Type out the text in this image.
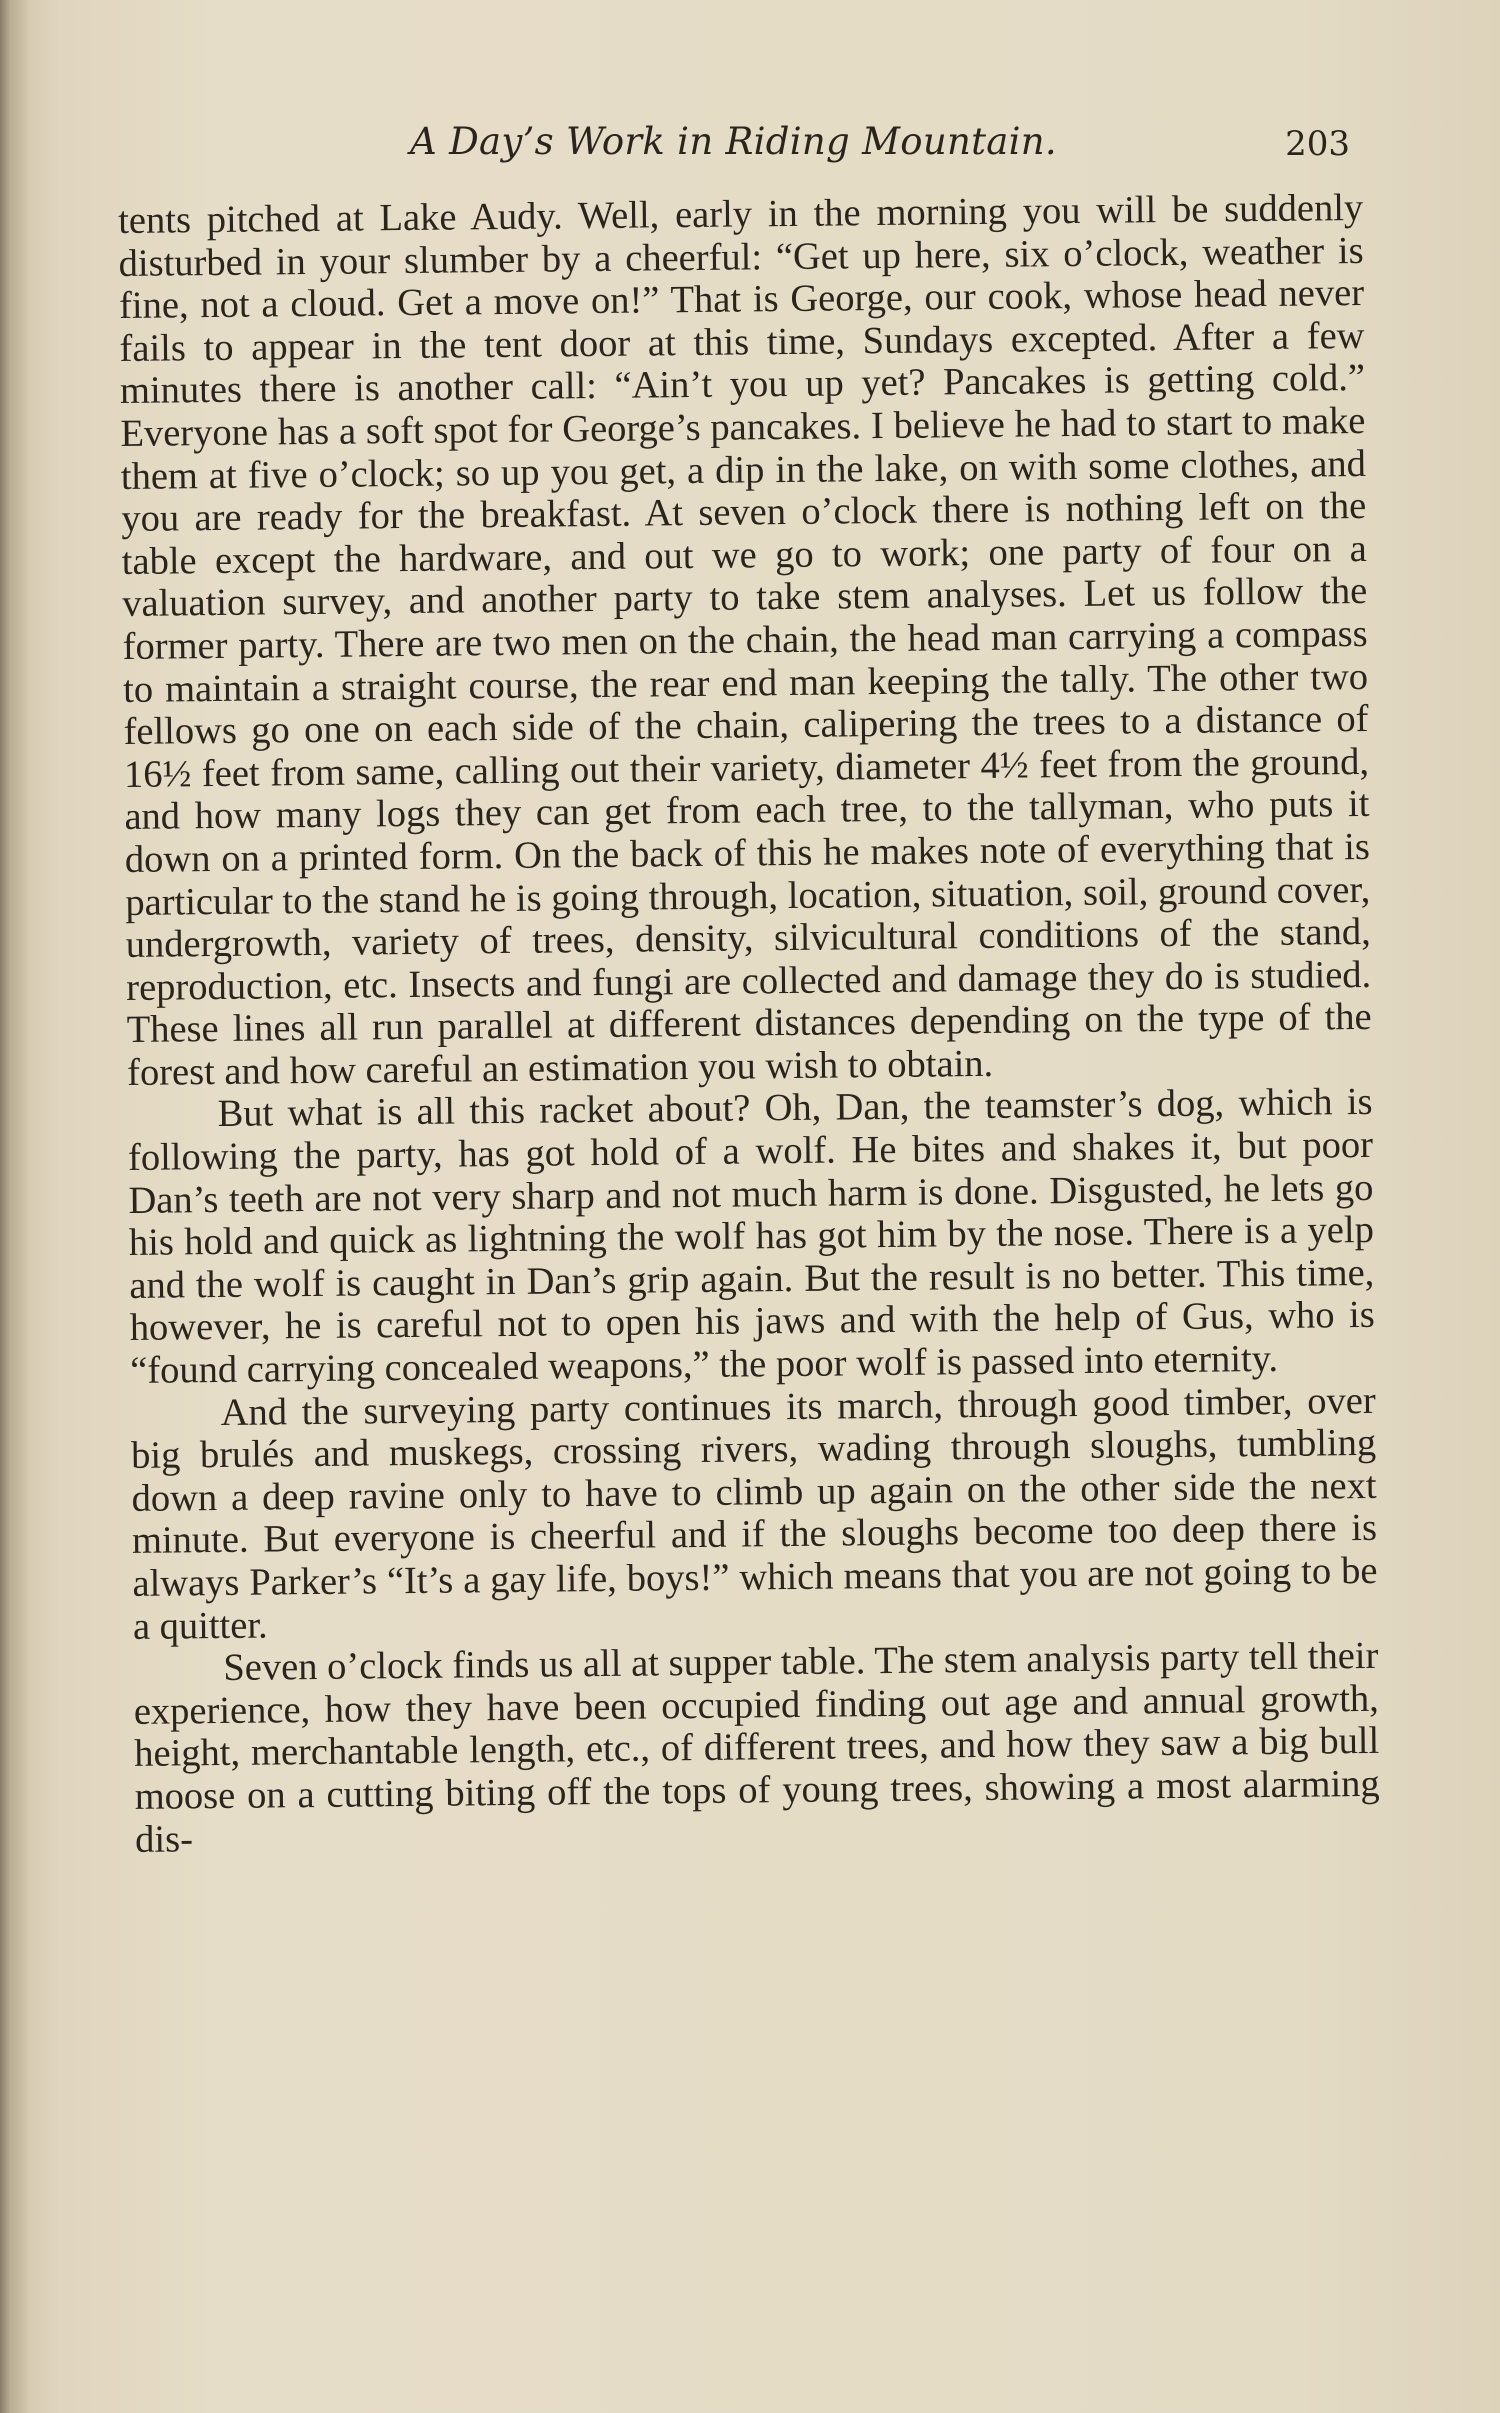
A Day’s Work in Riding Mountain.	203

tents pitched at Lake Audy. Well, early in the morning you will be suddenly disturbed in your slumber by a cheerful: “Get up here, six o’clock, weather is fine, not a cloud. Get a move on!” That is George, our cook, whose head never fails to appear in the tent door at this time, Sundays excepted. After a few minutes there is another call: “Ain’t you up yet? Pancakes is getting cold.” Everyone has a soft spot for George’s pancakes. I believe he had to start to make them at five o’clock; so up you get, a dip in the lake, on with some clothes, and you are ready for the breakfast. At seven o’clock there is nothing left on the table except the hardware, and out we go to work; one party of four on a valuation survey, and another party to take stem analyses. Let us follow the former party. There are two men on the chain, the head man carrying a compass to maintain a straight course, the rear end man keeping the tally. The other two fellows go one on each side of the chain, calipering the trees to a distance of 16½ feet from same, calling out their variety, diameter 4½ feet from the ground, and how many logs they can get from each tree, to the tallyman, who puts it down on a printed form. On the back of this he makes note of everything that is particular to the stand he is going through, location, situation, soil, ground cover, undergrowth, variety of trees, density, silvicultural conditions of the stand, reproduction, etc. Insects and fungi are collected and damage they do is studied. These lines all run parallel at different distances depending on the type of the forest and how careful an estimation you wish to obtain.

But what is all this racket about? Oh, Dan, the teamster’s dog, which is following the party, has got hold of a wolf. He bites and shakes it, but poor Dan’s teeth are not very sharp and not much harm is done. Disgusted, he lets go his hold and quick as lightning the wolf has got him by the nose. There is a yelp and the wolf is caught in Dan’s grip again. But the result is no better. This time, however, he is careful not to open his jaws and with the help of Gus, who is “found carrying concealed weapons,” the poor wolf is passed into eternity.

And the surveying party continues its march, through good timber, over big brulés and muskegs, crossing rivers, wading through sloughs, tumbling down a deep ravine only to have to climb up again on the other side the next minute. But everyone is cheerful and if the sloughs become too deep there is always Parker’s “It’s a gay life, boys!” which means that you are not going to be a quitter.

Seven o’clock finds us all at supper table. The stem analysis party tell their experience, how they have been occupied finding out age and annual growth, height, merchantable length, etc., of different trees, and how they saw a big bull moose on a cutting biting off the tops of young trees, showing a most alarming dis-
